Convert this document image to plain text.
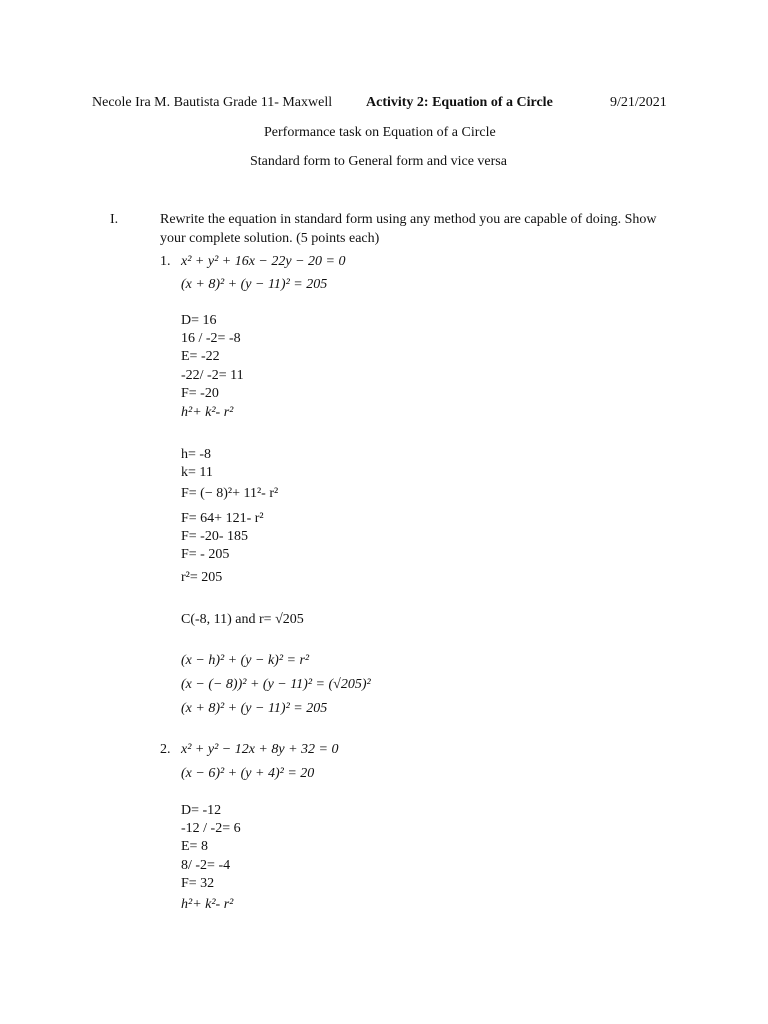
Necole Ira M. Bautista Grade 11- Maxwell Activity 2: Equation of a Circle	9/21/2021
Performance task on Equation of a Circle
Standard form to General form and vice versa
I.	Rewrite the equation in standard form using any method you are capable of doing. Show
your complete solution. (5 points each)
1. x² + y² + 16x − 22y − 20 = 0
(x + 8)² + (y − 11)² = 205
D= 16
16 / -2= -8
E= -22
-22/ -2= 11
F= -20
h²+ k²- r²
h= -8
k= 11
F= (− 8)²+ 11²- r²
F= 64+ 121- r²
F= -20- 185
F= - 205
r²= 205
C(-8, 11) and r= √205
(x − h)² + (y − k)² = r²
(x − (− 8))² + (y − 11)² = (√205)²
(x + 8)² + (y − 11)² = 205
2. x² + y² − 12x + 8y + 32 = 0
(x − 6)² + (y + 4)² = 20
D= -12
-12 / -2= 6
E= 8
8/ -2= -4
F= 32
h²+ k²- r²
